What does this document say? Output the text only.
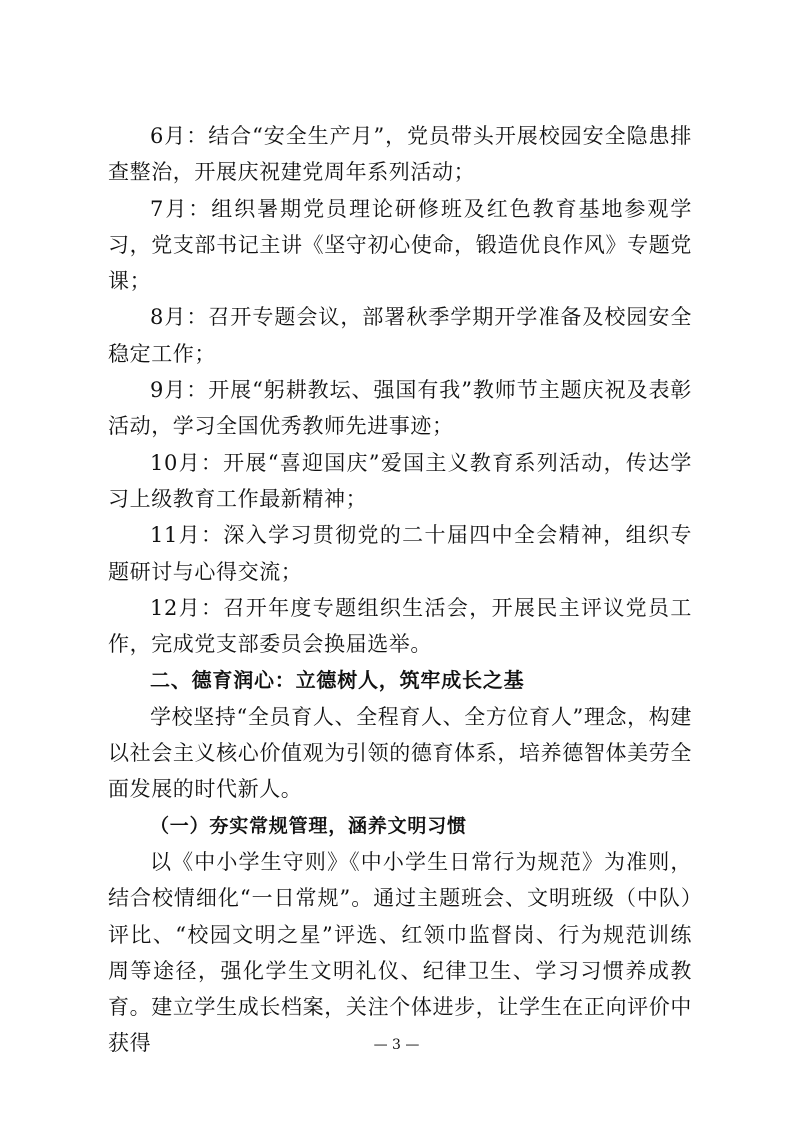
6月：结合“安全生产月”，党员带头开展校园安全隐患排查整治，开展庆祝建党周年系列活动；

7月：组织暑期党员理论研修班及红色教育基地参观学习，党支部书记主讲《坚守初心使命，锻造优良作风》专题党课；

8月：召开专题会议，部署秋季学期开学准备及校园安全稳定工作；

9月：开展“躬耕教坛、强国有我”教师节主题庆祝及表彰活动，学习全国优秀教师先进事迹；

10月：开展“喜迎国庆”爱国主义教育系列活动，传达学习上级教育工作最新精神；

11月：深入学习贯彻党的二十届四中全会精神，组织专题研讨与心得交流；

12月：召开年度专题组织生活会，开展民主评议党员工作，完成党支部委员会换届选举。

二、德育润心：立德树人，筑牢成长之基

学校坚持“全员育人、全程育人、全方位育人”理念，构建以社会主义核心价值观为引领的德育体系，培养德智体美劳全面发展的时代新人。

（一）夯实常规管理，涵养文明习惯

以《中小学生守则》《中小学生日常行为规范》为准则，结合校情细化“一日常规”。通过主题班会、文明班级（中队）评比、“校园文明之星”评选、红领巾监督岗、行为规范训练周等途径，强化学生文明礼仪、纪律卫生、学习习惯养成教育。建立学生成长档案，关注个体进步，让学生在正向评价中获得	— 3 —
